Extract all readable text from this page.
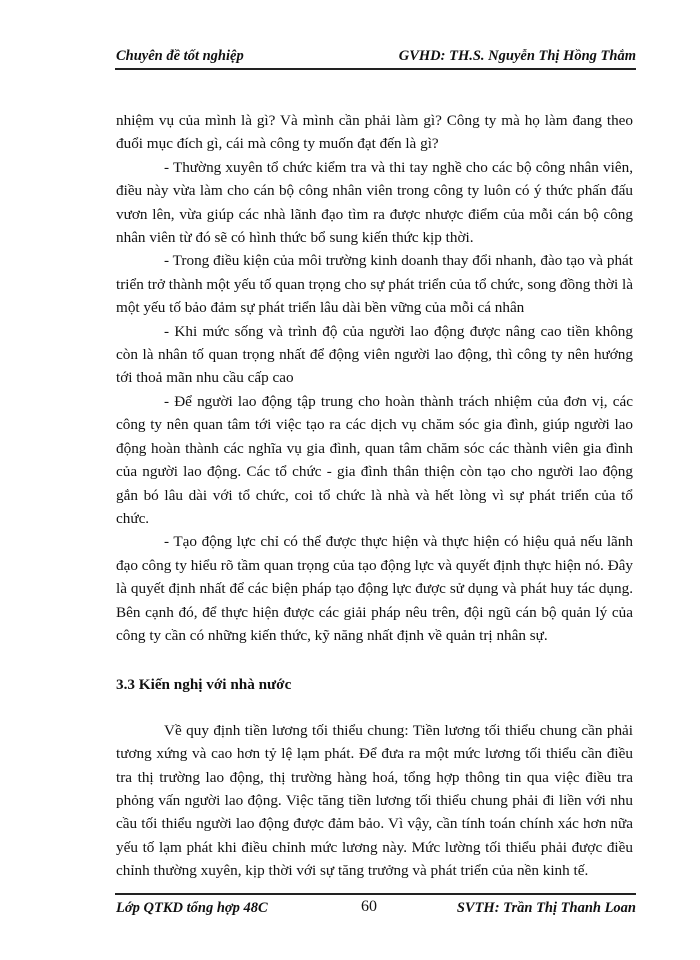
Chuyên đề tốt nghiệp	GVHD: TH.S. Nguyễn Thị Hồng Thắm

nhiệm vụ của mình là gì? Và mình cần phải làm gì? Công ty mà họ làm đang theo đuổi mục đích gì, cái mà công ty muốn đạt đến là gì?

- Thường xuyên tổ chức kiểm tra và thi tay nghề cho các bộ công nhân viên, điều này vừa làm cho cán bộ công nhân viên trong công ty luôn có ý thức phấn đấu vươn lên, vừa giúp các nhà lãnh đạo tìm ra được nhược điểm của mỗi cán bộ công nhân viên từ đó sẽ có hình thức bổ sung kiến thức kịp thời.

- Trong điều kiện của môi trường kinh doanh thay đổi nhanh, đào tạo và phát triển trở thành một yếu tố quan trọng cho sự phát triển của tổ chức, song đồng thời là một yếu tố bảo đảm sự phát triển lâu dài bền vững của mỗi cá nhân

- Khi mức sống và trình độ của người lao động được nâng cao tiền không còn là nhân tố quan trọng nhất để động viên người lao động, thì công ty nên hướng tới thoả mãn nhu cầu cấp cao

- Để người lao động tập trung cho hoàn thành trách nhiệm của đơn vị, các công ty nên quan tâm tới việc tạo ra các dịch vụ chăm sóc gia đình, giúp người lao động hoàn thành các nghĩa vụ gia đình, quan tâm chăm sóc các thành viên gia đình của người lao động. Các tổ chức - gia đình thân thiện còn tạo cho người lao động gắn bó lâu dài với tổ chức, coi tổ chức là nhà và hết lòng vì sự phát triển của tổ chức.

- Tạo động lực chỉ có thể được thực hiện và thực hiện có hiệu quả nếu lãnh đạo công ty hiểu rõ tầm quan trọng của tạo động lực và quyết định thực hiện nó. Đây là quyết định nhất để các biện pháp tạo động lực được sử dụng và phát huy tác dụng. Bên cạnh đó, để thực hiện được các giải pháp nêu trên, đội ngũ cán bộ quản lý của công ty cần có những kiến thức, kỹ năng nhất định về quản trị nhân sự.

3.3 Kiến nghị với nhà nước

Về quy định tiền lương tối thiểu chung: Tiền lương tối thiểu chung cần phải tương xứng và cao hơn tỷ lệ lạm phát. Để đưa ra một mức lương tối thiểu cần điều tra thị trường lao động, thị trường hàng hoá, tổng hợp thông tin qua việc điều tra phỏng vấn người lao động. Việc tăng tiền lương tối thiểu chung phải đi liền với nhu cầu tối thiểu người lao động được đảm bảo. Vì vậy, cần tính toán chính xác hơn nữa yếu tố lạm phát khi điều chỉnh mức lương này. Mức lường tối thiểu phải được điều chỉnh thường xuyên, kịp thời với sự tăng trưởng và phát triển của nền kinh tế.

Lớp QTKD tổng hợp 48C	60	SVTH: Trần Thị Thanh Loan
